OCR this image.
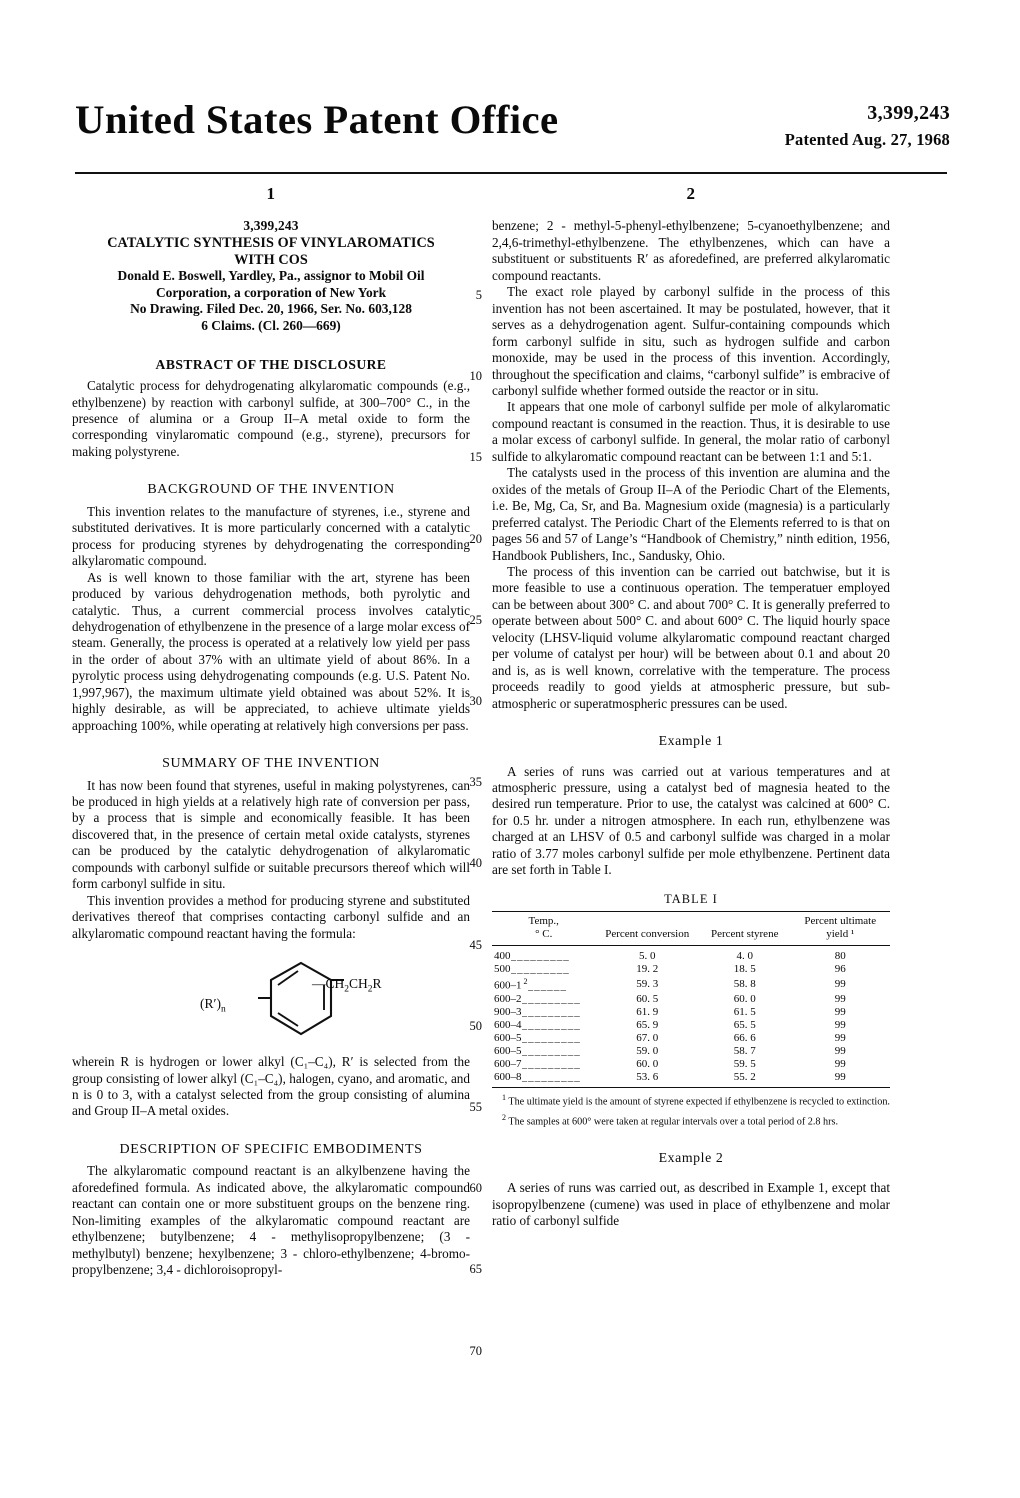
United States Patent Office	3,399,243
Patented Aug. 27, 1968
1
3,399,243
CATALYTIC SYNTHESIS OF VINYLAROMATICS
WITH COS
Donald E. Boswell, Yardley, Pa., assignor to Mobil Oil
Corporation, a corporation of New York
No Drawing. Filed Dec. 20, 1966, Ser. No. 603,128
6 Claims. (Cl. 260—669)
ABSTRACT OF THE DISCLOSURE

Catalytic process for dehydrogenating alkylaromatic compounds (e.g., ethylbenzene) by reaction with carbonyl sulfide, at 300–700° C., in the presence of alumina or a Group II–A metal oxide to form the corresponding vinylaromatic compound (e.g., styrene), precursors for making polystyrene.

BACKGROUND OF THE INVENTION

This invention relates to the manufacture of styrenes, i.e., styrene and substituted derivatives. It is more particularly concerned with a catalytic process for producing styrenes by dehydrogenating the corresponding alkylaromatic compound.

As is well known to those familiar with the art, styrene has been produced by various dehydrogenation methods, both pyrolytic and catalytic. Thus, a current commercial process involves catalytic dehydrogenation of ethylbenzene in the presence of a large molar excess of steam. Generally, the process is operated at a relatively low yield per pass in the order of about 37% with an ultimate yield of about 86%. In a pyrolytic process using dehydrogenating compounds (e.g. U.S. Patent No. 1,997,967), the maximum ultimate yield obtained was about 52%. It is highly desirable, as will be appreciated, to achieve ultimate yields approaching 100%, while operating at relatively high conversions per pass.

SUMMARY OF THE INVENTION

It has now been found that styrenes, useful in making polystyrenes, can be produced in high yields at a relatively high rate of conversion per pass, by a process that is simple and economically feasible. It has been discovered that, in the presence of certain metal oxide catalysts, styrenes can be produced by the catalytic dehydrogenation of alkylaromatic compounds with carbonyl sulfide or suitable precursors thereof which will form carbonyl sulfide in situ.

This invention provides a method for producing styrene and substituted derivatives thereof that comprises contacting carbonyl sulfide and an alkylaromatic compound reactant having the formula:

$(R')_n$
$—CH_2CH_2R$

wherein R is hydrogen or lower alkyl (C₁–C₄), R′ is selected from the group consisting of lower alkyl (C₁–C₄), halogen, cyano, and aromatic, and n is 0 to 3, with a catalyst selected from the group consisting of alumina and Group II–A metal oxides.

DESCRIPTION OF SPECIFIC EMBODIMENTS

The alkylaromatic compound reactant is an alkylbenzene having the aforedefined formula. As indicated above, the alkylaromatic compound reactant can contain one or more substituent groups on the benzene ring. Non-limiting examples of the alkylaromatic compound reactant are ethylbenzene; butylbenzene; 4 - methylisopropylbenzene; (3 - methylbutyl) benzene; hexylbenzene; 3 - chloro-ethylbenzene; 4-bromo-propylbenzene; 3,4 - dichloroisopropyl-

2

benzene; 2 - methyl-5-phenyl-ethylbenzene; 5-cyanoethylbenzene; and 2,4,6-trimethyl-ethylbenzene. The ethylbenzenes, which can have a substituent or substituents R′ as aforedefined, are preferred alkylaromatic compound reactants.

The exact role played by carbonyl sulfide in the process of this invention has not been ascertained. It may be postulated, however, that it serves as a dehydrogenation agent. Sulfur-containing compounds which form carbonyl sulfide in situ, such as hydrogen sulfide and carbon monoxide, may be used in the process of this invention. Accordingly, throughout the specification and claims, “carbonyl sulfide” is embracive of carbonyl sulfide whether formed outside the reactor or in situ.

It appears that one mole of carbonyl sulfide per mole of alkylaromatic compound reactant is consumed in the reaction. Thus, it is desirable to use a molar excess of carbonyl sulfide. In general, the molar ratio of carbonyl sulfide to alkylaromatic compound reactant can be between 1:1 and 5:1.

The catalysts used in the process of this invention are alumina and the oxides of the metals of Group II–A of the Periodic Chart of the Elements, i.e. Be, Mg, Ca, Sr, and Ba. Magnesium oxide (magnesia) is a particularly preferred catalyst. The Periodic Chart of the Elements referred to is that on pages 56 and 57 of Lange’s “Handbook of Chemistry,” ninth edition, 1956, Handbook Publishers, Inc., Sandusky, Ohio.

The process of this invention can be carried out batchwise, but it is more feasible to use a continuous operation. The temperatuer employed can be between about 300° C. and about 700° C. It is generally preferred to operate between about 500° C. and about 600° C. The liquid hourly space velocity (LHSV-liquid volume alkylaromatic compound reactant charged per volume of catalyst per hour) will be between about 0.1 and about 20 and is, as is well known, correlative with the temperature. The process proceeds readily to good yields at atmospheric pressure, but sub-atmospheric or superatmospheric pressures can be used.

Example 1

A series of runs was carried out at various temperatures and at atmospheric pressure, using a catalyst bed of magnesia heated to the desired run temperature. Prior to use, the catalyst was calcined at 600° C. for 0.5 hr. under a nitrogen atmosphere. In each run, ethylbenzene was charged at an LHSV of 0.5 and carbonyl sulfide was charged in a molar ratio of 3.77 moles carbonyl sulfide per mole ethylbenzene. Pertinent data are set forth in Table I.

TABLE I
Temp.,
° C.	Percent conversion	Percent styrene	Percent ultimate
yield ¹
400_________	5. 0	4. 0	80
500_________	19. 2	18. 5	96
600–1 $^2$______	59. 3	58. 8	99
600–2_________	60. 5	60. 0	99
900–3_________	61. 9	61. 5	99
600–4_________	65. 9	65. 5	99
600–5_________	67. 0	66. 6	99
600–5_________	59. 0	58. 7	99
600–7_________	60. 0	59. 5	99
600–8_________	53. 6	55. 2	99

$^1$ The ultimate yield is the amount of styrene expected if ethylbenzene is recycled to extinction.

$^2$ The samples at 600° were taken at regular intervals over a total period of 2.8 hrs.

Example 2

A series of runs was carried out, as described in Example 1, except that isopropylbenzene (cumene) was used in place of ethylbenzene and molar ratio of carbonyl sulfide

5
10
15
20
25
30
35
40
45
50
55
60
65
70
